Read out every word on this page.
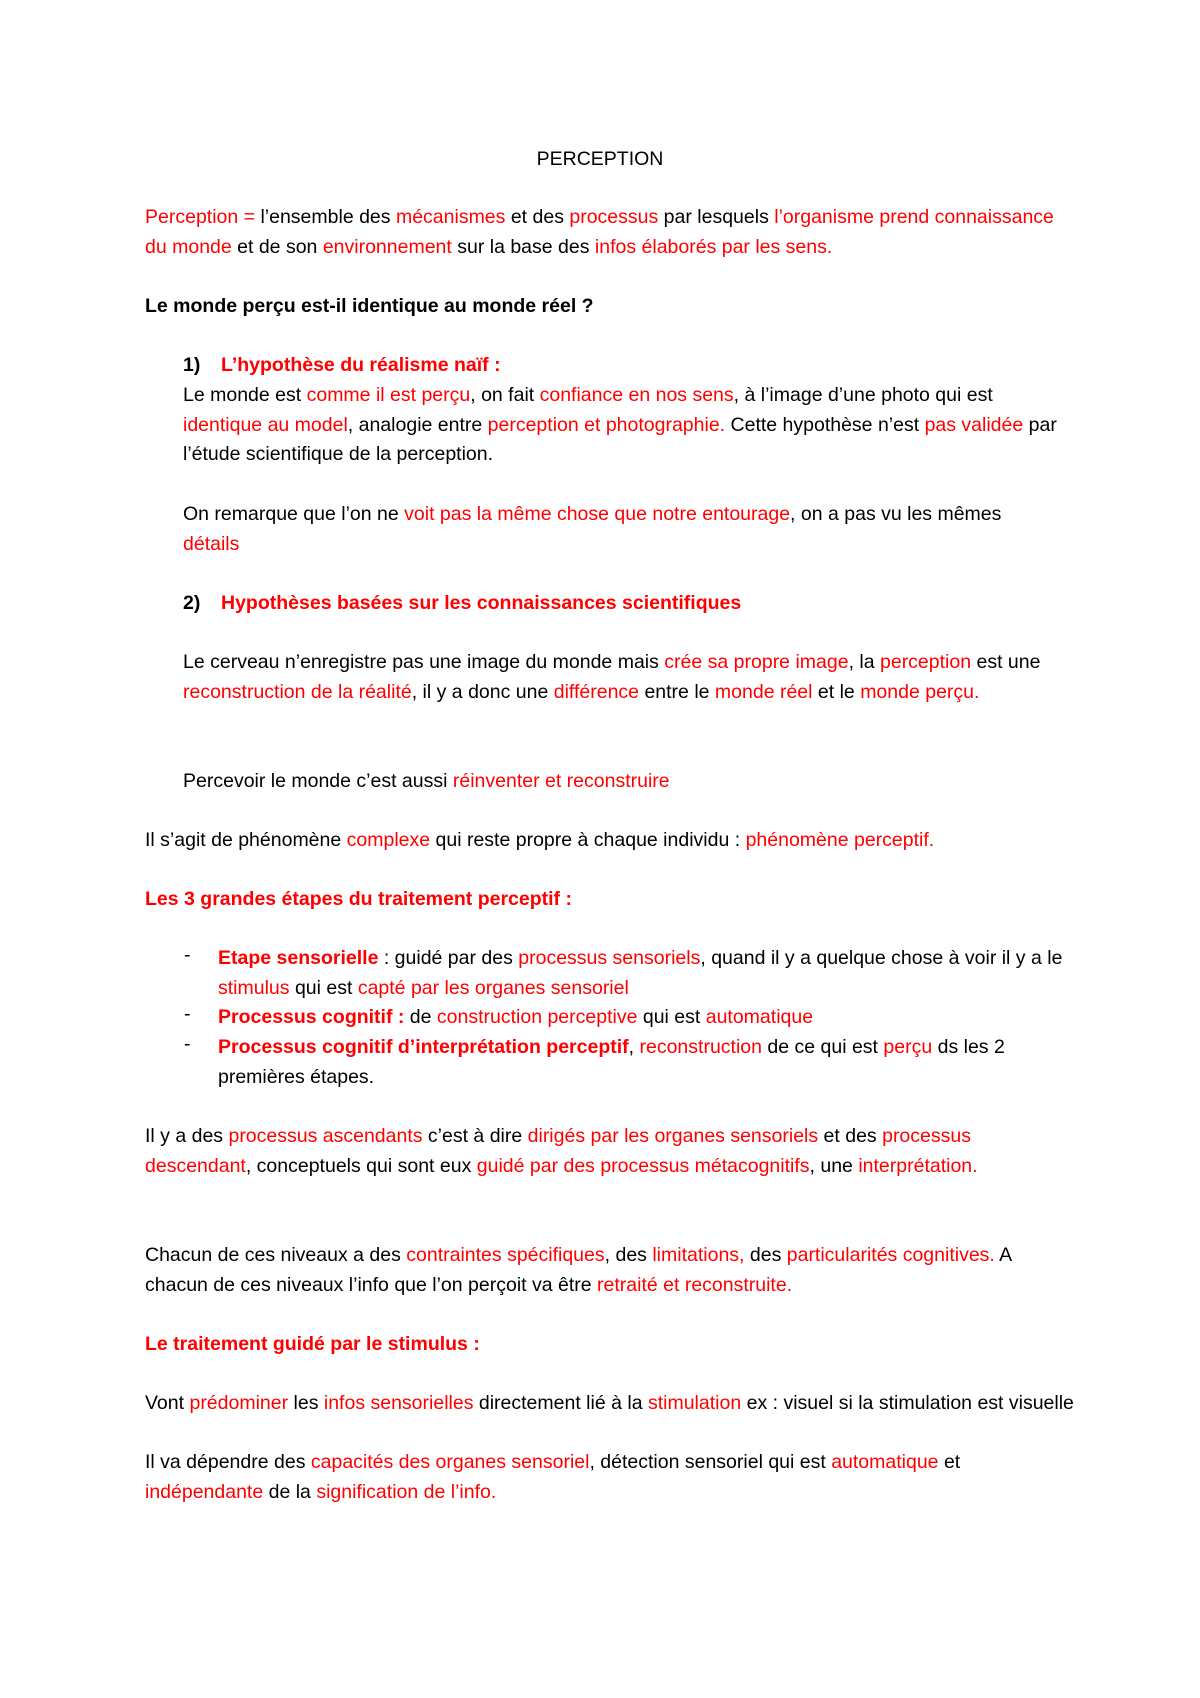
PERCEPTION
Perception = l’ensemble des mécanismes et des processus par lesquels l’organisme prend connaissance du monde et de son environnement sur la base des infos élaborés par les sens.
Le monde perçu est-il identique au monde réel ?
1) L’hypothèse du réalisme naïf :
Le monde est comme il est perçu, on fait confiance en nos sens, à l’image d’une photo qui est identique au model, analogie entre perception et photographie. Cette hypothèse n’est pas validée par l’étude scientifique de la perception.
On remarque que l’on ne voit pas la même chose que notre entourage, on a pas vu les mêmes détails
2) Hypothèses basées sur les connaissances scientifiques
Le cerveau n’enregistre pas une image du monde mais crée sa propre image, la perception est une reconstruction de la réalité, il y a donc une différence entre le monde réel et le monde perçu.
Percevoir le monde c’est aussi réinventer et reconstruire
Il s’agit de phénomène complexe qui reste propre à chaque individu : phénomène perceptif.
Les 3 grandes étapes du traitement perceptif :
Etape sensorielle : guidé par des processus sensoriels, quand il y a quelque chose à voir il y a le stimulus qui est capté par les organes sensoriel
Processus cognitif : de construction perceptive qui est automatique
Processus cognitif d’interprétation perceptif, reconstruction de ce qui est perçu ds les 2 premières étapes.
Il y a des processus ascendants c’est à dire dirigés par les organes sensoriels et des processus descendant, conceptuels qui sont eux guidé par des processus métacognitifs, une interprétation.
Chacun de ces niveaux a des contraintes spécifiques, des limitations, des particularités cognitives. A chacun de ces niveaux l’info que l’on perçoit va être retraité et reconstruite.
Le traitement guidé par le stimulus :
Vont prédominer les infos sensorielles directement lié à la stimulation ex : visuel si la stimulation est visuelle
Il va dépendre des capacités des organes sensoriel, détection sensoriel qui est automatique et indépendante de la signification de l’info.
-
-
-
